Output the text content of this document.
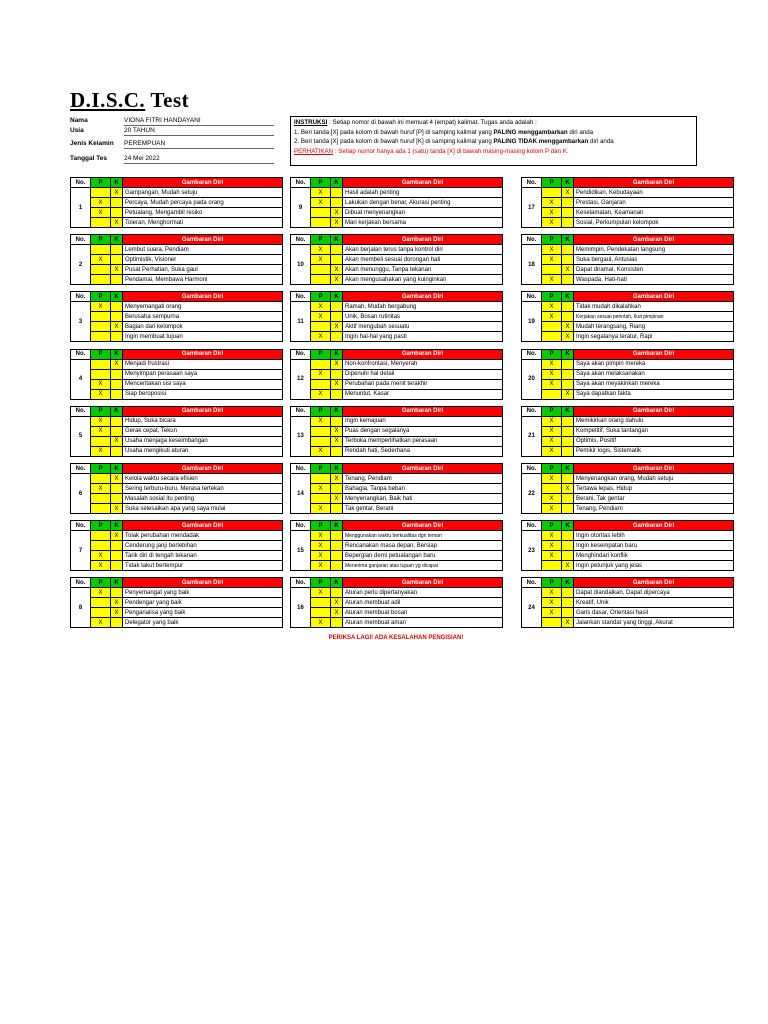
D.I.S.C. Test
Nama	VIONA FITRI HANDAYANI
Usia	20 TAHUN
Jenis Kelamin PEREMPUAN
Tanggal Tes	24 Mei 2022
INSTRUKSI : Setiap nomor di bawah ini memuat 4 (empat) kalimat. Tugas anda adalah :
1. Beri tanda [X] pada kolom di bawah huruf [P] di samping kalimat yang PALING menggambarkan diri anda
2. Beri tanda [X] pada kolom di bawah huruf [K] di samping kalimat yang PALING TIDAK menggambarkan diri anda
PERHATIKAN : Setiap nomor hanya ada 1 (satu) tanda [X] di bawah masing-masing kolom P dan K.
No.	P	K	Gambaran Diri
1		X	Gampangan, Mudah setuju
	X		Percaya, Mudah percaya pada orang
	X		Petualang, Mengambil resiko
		X	Toleran, Menghormati
No.	P	K	Gambaran Diri
2			Lembut suara, Pendiam
	X		Optimistik, Visioner
		X	Pusat Perhatian, Suka gaul
			Pendamai, Membawa Harmoni
No.	P	K	Gambaran Diri
3	X		Menyemangati orang
			Berusaha sempurna
		X	Bagian dari kelompok
			Ingin membuat tujuan
No.	P	K	Gambaran Diri
4		X	Menjadi frustrasi
			Menyimpan perasaan saya
	X		Menceritakan sisi saya
	X		Siap beroposisi
No.	P	K	Gambaran Diri
5	X		Hidup, Suka bicara
	X		Gerak cepat, Tekun
		X	Usaha menjaga keseimbangan
	X		Usaha mengikuti aturan
No.	P	K	Gambaran Diri
6		X	Kelola waktu secara efisien
	X		Sering terburu-buru, Merasa tertekan
			Masalah sosial itu penting
		X	Suka selesaikan apa yang saya mulai
No.	P	K	Gambaran Diri
7		X	Tolak perubahan mendadak
			Cenderung janji berlebihan
	X		Tarik diri di tengah tekanan
	X		Tidak takut bertempur
No.	P	K	Gambaran Diri
8	X		Penyemangat yang baik
		X	Pendengar yang baik
		X	Penganalisa yang baik
	X		Delegator yang baik
No.	P	K	Gambaran Diri
9	X		Hasil adalah penting
	X		Lakukan dengan benar, Akurasi penting
		X	Dibuat menyenangkan
		X	Mari kerjakan bersama
No.	P	K	Gambaran Diri
10	X		Akan berjalan terus tanpa kontrol diri
	X		Akan membeli sesuai dorongan hati
		X	Akan menunggu, Tanpa tekanan
		X	Akan mengusahakan yang kuinginkan
No.	P	K	Gambaran Diri
11	X		Ramah, Mudah bergabung
	X		Unik, Bosan rutinitas
		X	Aktif mengubah sesuatu
	X		Ingin hal-hal yang pasti
No.	P	K	Gambaran Diri
12		X	Non-konfrontasi, Menyerah
	X		Dipenuhi hal detail
		X	Perubahan pada menit terakhir
	X		Menuntut, Kasar
No.	P	K	Gambaran Diri
13	X		Ingin kemajuan
		X	Puas dengan segalanya
		X	Terbuka memperlihatkan perasaan
	X		Rendah hati, Sederhana
No.	P	K	Gambaran Diri
14		X	Tenang, Pendiam
	X		Bahagia, Tanpa beban
		X	Menyenangkan, Baik hati
	X		Tak gentar, Berani
No.	P	K	Gambaran Diri
15	X		Menggunakan waktu berkualitas dgn teman
	X		Rencanakan masa depan, Bersiap
	X		Bepergian demi petualangan baru
	X		Menerima ganjaran atas tujuan yg dicapai
No.	P	K	Gambaran Diri
16	X		Aturan perlu dipertanyakan
		X	Aturan membuat adil
		X	Aturan membuat bosan
	X		Aturan membuat aman
No.	P	K	Gambaran Diri
17		X	Pendidikan, Kebudayaan
	X		Prestasi, Ganjaran
	X		Keselamatan, Keamanan
	X		Sosial, Perkumpulan kelompok
No.	P	K	Gambaran Diri
18	X		Memimpin, Pendekatan langsung
	X		Suka bergaul, Antusias
		X	Dapat diramal, Konsisten
	X		Waspada, Hati-hati
No.	P	K	Gambaran Diri
19	X		Tidak mudah dikalahkan
	X		Kerjakan sesuai perintah, Ikut pimpinan
		X	Mudah terangsang, Riang
		X	Ingin segalanya teratur, Rapi
No.	P	K	Gambaran Diri
20	X		Saya akan pimpin mereka
	X		Saya akan melaksanakan
	X		Saya akan meyakinkan mereka
		X	Saya dapatkan fakta
No.	P	K	Gambaran Diri
21	X		Memikirkan orang dahulu
	X		Kompetitif, Suka tantangan
	X		Optimis, Positif
	X		Pemikir logis, Sistematik
No.	P	K	Gambaran Diri
22	X		Menyenangkan orang, Mudah setuju
		X	Tertawa lepas, Hidup
	X		Berani, Tak gentar
	X		Tenang, Pendiam
No.	P	K	Gambaran Diri
23	X		Ingin otoritas lebih
	X		Ingin kesempatan baru
	X		Menghindari konflik
		X	Ingin petunjuk yang jelas
No.	P	K	Gambaran Diri
24	X		Dapat diandalkan, Dapat dipercaya
	X		Kreatif, Unik
	X		Garis dasar, Orientasi hasil
		X	Jalankan standar yang tinggi, Akurat
PERIKSA LAGI! ADA KESALAHAN PENGISIAN!
